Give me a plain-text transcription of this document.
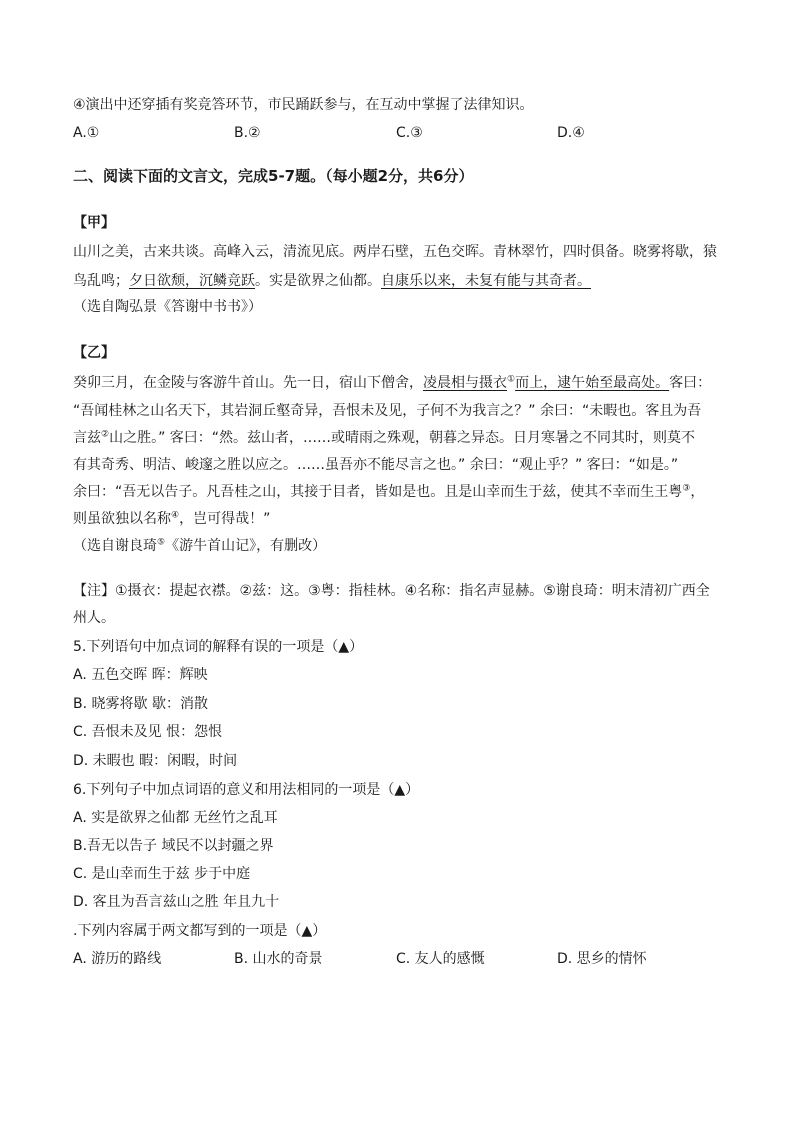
④演出中还穿插有奖竞答环节，市民踊跃参与，在互动中掌握了法律知识。
A.①	B.②	C.③	D.④
二、阅读下面的文言文，完成5-7题。（每小题2分，共6分）
【甲】
山川之美，古来共谈。高峰入云，清流见底。两岸石壁，五色交晖。青林翠竹，四时俱备。晓雾将歇，猿
鸟乱鸣；夕日欲颓，沉鳞竞跃。实是欲界之仙都。自康乐以来，未复有能与其奇者。
（选自陶弘景《答谢中书书》）
【乙】
癸卯三月，在金陵与客游牛首山。先一日，宿山下僧舍，凌晨相与摄衣①而上，逮午始至最高处。客曰：
“吾闻桂林之山名天下，其岩洞丘壑奇异，吾恨未及见，子何不为我言之？” 余曰：“未暇也。客且为吾
言兹②山之胜。” 客曰：“然。兹山者，……或晴雨之殊观，朝暮之异态。日月寒暑之不同其时，则莫不
有其奇秀、明洁、峻邃之胜以应之。……虽吾亦不能尽言之也。” 余曰：“观止乎？” 客曰：“如是。”
余曰：“吾无以告子。凡吾桂之山，其接于目者，皆如是也。且是山幸而生于兹，使其不幸而生王粤③，
则虽欲独以名称④，岂可得哉！”
（选自谢良琦⑤《游牛首山记》，有删改）
【注】①摄衣：提起衣襟。②兹：这。③粤：指桂林。④名称：指名声显赫。⑤谢良琦：明末清初广西全
州人。
5.下列语句中加点词的解释有误的一项是（▲）
A. 五色交晖 晖：辉映
B. 晓雾将歇 歇：消散
C. 吾恨未及见 恨：怨恨
D. 未暇也 暇：闲暇，时间
6.下列句子中加点词语的意义和用法相同的一项是（▲）
A. 实是欲界之仙都 无丝竹之乱耳
B.吾无以告子 域民不以封疆之界
C. 是山幸而生于兹 步于中庭
D. 客且为吾言兹山之胜 年且九十
.下列内容属于两文都写到的一项是（▲）
A. 游历的路线	B. 山水的奇景	C. 友人的感慨	D. 思乡的情怀
